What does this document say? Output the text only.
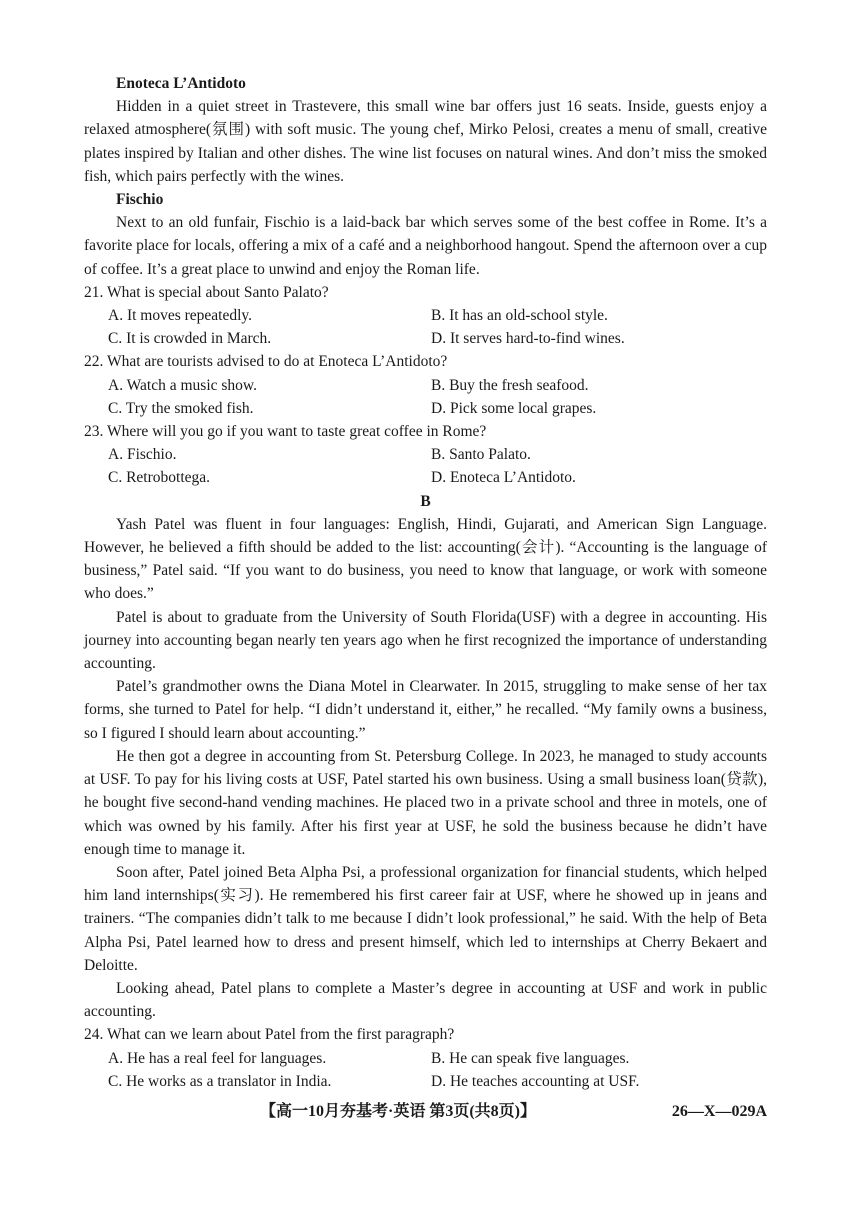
Enoteca L’Antidoto

Hidden in a quiet street in Trastevere, this small wine bar offers just 16 seats. Inside, guests enjoy a relaxed atmosphere(氛围) with soft music. The young chef, Mirko Pelosi, creates a menu of small, creative plates inspired by Italian and other dishes. The wine list focuses on natural wines. And don’t miss the smoked fish, which pairs perfectly with the wines.

Fischio

Next to an old funfair, Fischio is a laid-back bar which serves some of the best coffee in Rome. It’s a favorite place for locals, offering a mix of a café and a neighborhood hangout. Spend the afternoon over a cup of coffee. It’s a great place to unwind and enjoy the Roman life.

21. What is special about Santo Palato?
A. It moves repeatedly.	B. It has an old-school style.
C. It is crowded in March.	D. It serves hard-to-find wines.
22. What are tourists advised to do at Enoteca L’Antidoto?
A. Watch a music show.	B. Buy the fresh seafood.
C. Try the smoked fish.	D. Pick some local grapes.
23. Where will you go if you want to taste great coffee in Rome?
A. Fischio.	B. Santo Palato.
C. Retrobottega.	D. Enoteca L’Antidoto.
B

Yash Patel was fluent in four languages: English, Hindi, Gujarati, and American Sign Language. However, he believed a fifth should be added to the list: accounting(会计). “Accounting is the language of business,” Patel said. “If you want to do business, you need to know that language, or work with someone who does.”

Patel is about to graduate from the University of South Florida(USF) with a degree in accounting. His journey into accounting began nearly ten years ago when he first recognized the importance of understanding accounting.

Patel’s grandmother owns the Diana Motel in Clearwater. In 2015, struggling to make sense of her tax forms, she turned to Patel for help. “I didn’t understand it, either,” he recalled. “My family owns a business, so I figured I should learn about accounting.”

He then got a degree in accounting from St. Petersburg College. In 2023, he managed to study accounts at USF. To pay for his living costs at USF, Patel started his own business. Using a small business loan(贷款), he bought five second-hand vending machines. He placed two in a private school and three in motels, one of which was owned by his family. After his first year at USF, he sold the business because he didn’t have enough time to manage it.

Soon after, Patel joined Beta Alpha Psi, a professional organization for financial students, which helped him land internships(实习). He remembered his first career fair at USF, where he showed up in jeans and trainers. “The companies didn’t talk to me because I didn’t look professional,” he said. With the help of Beta Alpha Psi, Patel learned how to dress and present himself, which led to internships at Cherry Bekaert and Deloitte.

Looking ahead, Patel plans to complete a Master’s degree in accounting at USF and work in public accounting.

24. What can we learn about Patel from the first paragraph?
A. He has a real feel for languages.	B. He can speak five languages.
C. He works as a translator in India.	D. He teaches accounting at USF.
【高一10月夯基考·英语 第3页(共8页)】	26—X—029A
